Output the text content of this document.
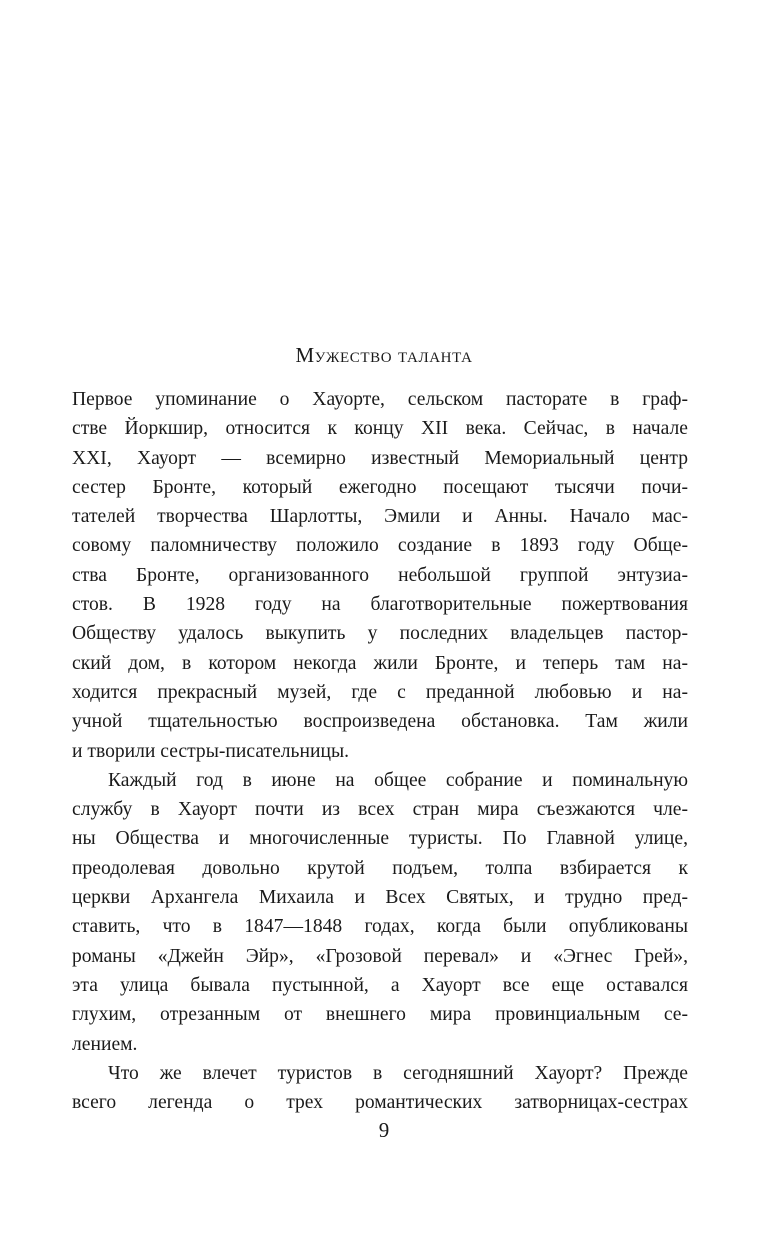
Мужество таланта
Первое упоминание о Хауорте, сельском пасторате в граф-
стве Йоркшир, относится к концу XII века. Сейчас, в начале
XXI, Хауорт — всемирно известный Мемориальный центр
сестер Бронте, который ежегодно посещают тысячи почи-
тателей творчества Шарлотты, Эмили и Анны. Начало мас-
совому паломничеству положило создание в 1893 году Обще-
ства Бронте, организованного небольшой группой энтузиа-
стов. В 1928 году на благотворительные пожертвования
Обществу удалось выкупить у последних владельцев пастор-
ский дом, в котором некогда жили Бронте, и теперь там на-
ходится прекрасный музей, где с преданной любовью и на-
учной тщательностью воспроизведена обстановка. Там жили
и творили сестры-писательницы.
Каждый год в июне на общее собрание и поминальную
службу в Хауорт почти из всех стран мира съезжаются чле-
ны Общества и многочисленные туристы. По Главной улице,
преодолевая довольно крутой подъем, толпа взбирается к
церкви Архангела Михаила и Всех Святых, и трудно пред-
ставить, что в 1847—1848 годах, когда были опубликованы
романы «Джейн Эйр», «Грозовой перевал» и «Эгнес Грей»,
эта улица бывала пустынной, а Хауорт все еще оставался
глухим, отрезанным от внешнего мира провинциальным се-
лением.
Что же влечет туристов в сегодняшний Хауорт? Прежде
всего легенда о трех романтических затворницах-сестрах
9
